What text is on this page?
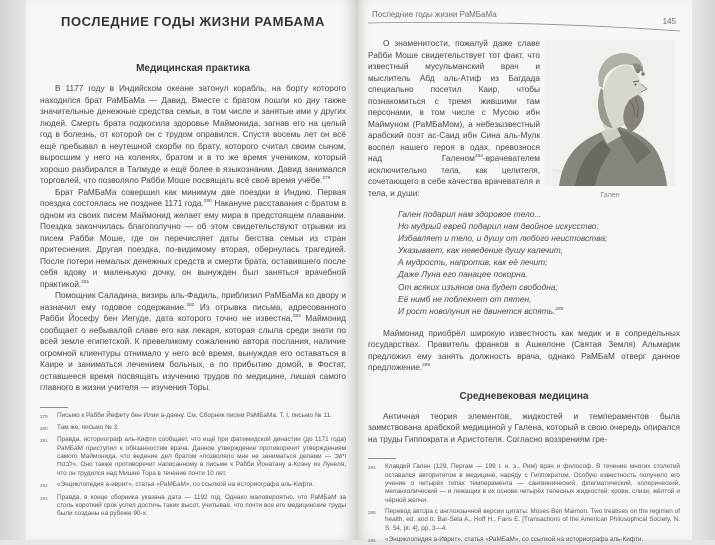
ПОСЛЕДНИЕ ГОДЫ ЖИЗНИ РАМБАМА
Медицинская практика

В 1177 году в Индийском океане затонул корабль, на борту которого находился брат РаМБаМа — Давид. Вместе с братом пошли ко дну также значительные денежные средства семьи, в том числе и занятые ими у других людей. Смерть брата подкосила здоровье Маймонида, загнав его на целый год в болезнь, от которой он с трудом оправился. Спустя восемь лет он всё ещё пребывал в неутешной скорби по брату, которого считал своим сыном, выросшим у него на коленях, братом и в то же время учеником, который хорошо разбирался в Талмуде и ещё более в языкознании. Давид занимался торговлей, что позволяло Рабби Моше посвящать всё своё время учёбе.$^{279}$

Брат РаМБаМа совершил как минимум две поездки в Индию. Первая поездка состоялась не позднее 1171 года.$^{280}$ Накануне расставания с братом в одном из своих писем Маймонид желает ему мира в предстоящем плавании. Поездка закончилась благополучно — об этом свидетельствуют отрывки из писем Рабби Моше, где он перечисляет даты бегства семьи из стран притеснения. Другая поездка, по-видимому вторая, обернулась трагедией. После потери немалых денежных средств и смерти брата, оставившего после себя вдову и маленькую дочку, он вынужден был заняться врачебной практикой.$^{281}$

Помощник Саладина, визирь аль-Фадиль, приблизил РаМБаМа ко двору и назначил ему годовое содержание.$^{282}$ Из отрывка письма, адресованного Рабби Йосефу бен Иегуде, дата которого точно не известна,$^{283}$ Маймонид сообщает о небывалой славе его как лекаря, которая слыла среди знати по всей земле египетской. К превеликому сожалению автора послания, наличие огромной клиентуры отнимало у него всё время, вынуждая его оставаться в Каире и заниматься лечением больных, а по прибытию домой, в Фостат, оставшееся время посвящать изучению трудов по медицине, лишая самого главного в жизни учителя — изучения Торы.

279	Письмо к Рабби Йефету бен Илии а-даяну. См. Сборник писем РаМБаМа. Т. I, письмо № 11.
280	Там же, письмо № 3.
281	Правда, историограф аль-Кифти сообщает, что ещё при фатимидской династии (до 1171 года) РаМБаМ приступил к обязанностям врача. Данное утверждение противоречит утверждениям самого Маймонида, что ведение дел братом «позволяло мне не заниматься делами — וישב לבטח». Оно также противоречит написанному в письме к Рабби Йонатану а-Коэну из Лунеля, что он трудился над Мишне Тора в течение почти 10 лет.
282	«Энциклопедия а-иврит», статья «РаМБаМ», со ссылкой на историографа аль-Кифти.
283	Правда, в конце сборника указана дата — 1192 год. Однако маловероятно, что РаМБаМ за столь короткий срок успел достичь таких высот, учитывая, что почти все его медицинские труды были созданы на рубеже 90-х.
Последние годы жизни РаМБаМа
145

О знаменитости, пожалуй даже славе Рабби Моше свидетельствует тот факт, что известный мусульманский врач и мыслитель Абд аль-Атиф из Багдада специально посетил Каир, чтобы познакомиться с тремя жившими там персонами, в том числе с Мусою ибн Маймуном (РаМБаМом), а небезызвестный арабский поэт ас-Саид ибн Сина аль-Мулк воспел нашего героя в одах, превознося над Галеном$^{284}$-врачевателем исключительно тела, как целителя, сочетающего в себе качества врачевателя и тела, и души:	Гален
Гален подарил нам здоровое тело...
Но мудрый еврей подарил нам двойное искусство:
Избавляет и тело, и душу от любого неистовства;
Указывает, как неведение душу калечит,
А мудрость, напротив, как её лечит;
Даже Луна его панацее покорна,
От всяких изъянов она будет свободна;
Её нимб не поблекнет от пятен,
И рост новолуния не двинется вспять.$^{285}$

Маймонид приобрёл широкую известность как медик и в сопредельных государствах. Правитель франков в Ашкелоне (Святая Земля) Альмарик предложил ему занять должность врача, однако РаМБаМ отверг данное предложение.$^{286}$

Средневековая медицина

Античная теория элементов, жидкостей и темпераментов была заимствована арабской медициной у Галена, который в свою очередь опирался на труды Гиппократа и Аристотеля. Согласно воззрениям гре-

284	Клавдий Гален (129, Пергам — 199 г. н. э., Рим) врач и философ. В течение многих столетий оставался авторитетом в медицине, наряду с Гиппократом. Особую известность получило его учение о четырёх типах темперамента — сангвинический, флегматический, холерический, меланхолический — и лежащих в их основе четырёх телесных жидкостей: крови, слизи, жёлтой и чёрной желчи.
285	Перевод автора с англоязычной версии цитаты: Moses Ben Maimon. Two treatises on the regimen of health, ed. and tr. Bar-Sela A., Hoff H., Faris E. [Transactions of the American Philosophical Society, N. S. 54, pt. 4], pp. 3—4.
286	«Энциклопедия а-Иврит», статья «РаМБаМ», со ссылкой на историографа аль-Кифти.
